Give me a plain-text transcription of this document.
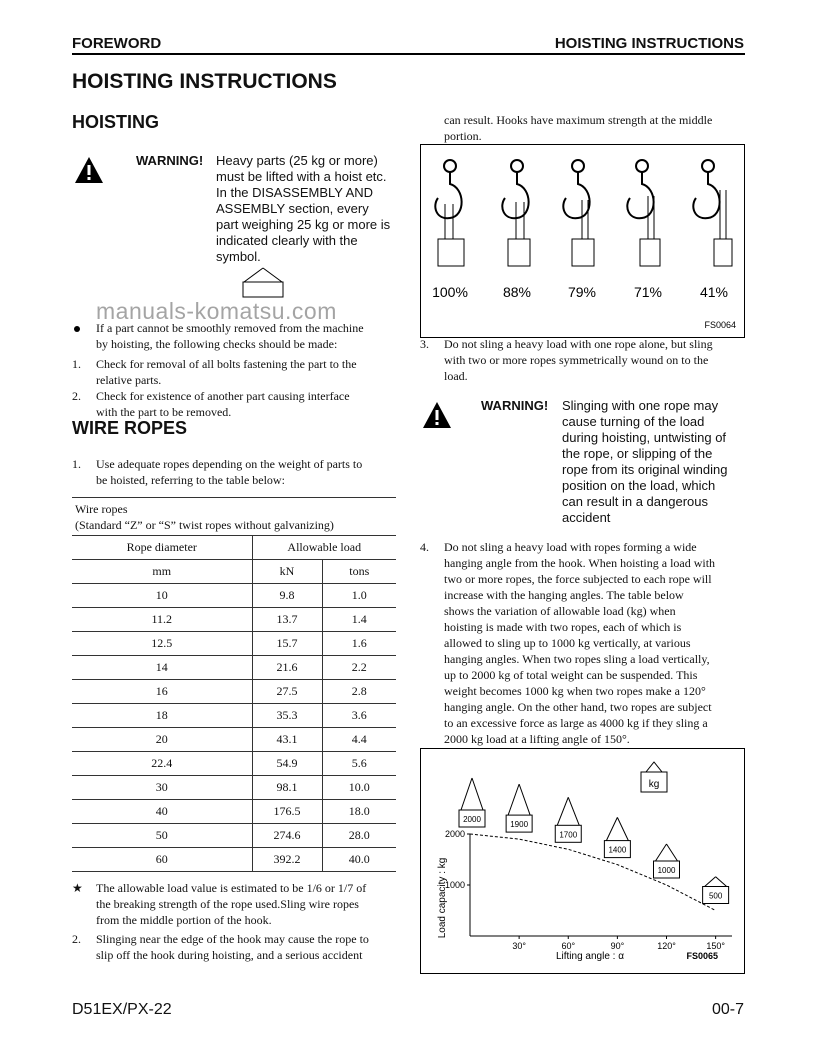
FOREWORD	HOISTING INSTRUCTIONS
HOISTING INSTRUCTIONS
HOISTING
WARNING! Heavy parts (25 kg or more)
must be lifted with a hoist etc.
In the DISASSEMBLY AND
ASSEMBLY section, every
part weighing 25 kg or more is
indicated clearly with the
symbol.
manuals-komatsu.com
If a part cannot be smoothly removed from the machine
by hoisting, the following checks should be made:
1. Check for removal of all bolts fastening the part to the
relative parts.
2. Check for existence of another part causing interface
with the part to be removed.
WIRE ROPES
1. Use adequate ropes depending on the weight of parts to
be hoisted, referring to the table below:
Wire ropes
(Standard “Z” or “S” twist ropes without galvanizing)
Rope diameter	Allowable load	
mm	kN	tons
10	9.8	1.0
11.2	13.7	1.4
12.5	15.7	1.6
14	21.6	2.2
16	27.5	2.8
18	35.3	3.6
20	43.1	4.4
22.4	54.9	5.6
30	98.1	10.0
40	176.5	18.0
50	274.6	28.0
60	392.2	40.0
★ The allowable load value is estimated to be 1/6 or 1/7 of
the breaking strength of the rope used.Sling wire ropes
from the middle portion of the hook.
2. Slinging near the edge of the hook may cause the rope to
slip off the hook during hoisting, and a serious accident
can result. Hooks have maximum strength at the middle
portion.
100%	88%	79%	71%	41%
FS0064
3. Do not sling a heavy load with one rope alone, but sling
with two or more ropes symmetrically wound on to the
load.
WARNING! Slinging with one rope may
cause turning of the load
during hoisting, untwisting of
the rope, or slipping of the
rope from its original winding
position on the load, which
can result in a dangerous
accident
4. Do not sling a heavy load with ropes forming a wide
hanging angle from the hook. When hoisting a load with
two or more ropes, the force subjected to each rope will
increase with the hanging angles. The table below
shows the variation of allowable load (kg) when
hoisting is made with two ropes, each of which is
allowed to sling up to 1000 kg vertically, at various
hanging angles. When two ropes sling a load vertically,
up to 2000 kg of total weight can be suspended. This
weight becomes 1000 kg when two ropes make a 120°
hanging angle. On the other hand, two ropes are subject
to an excessive force as large as 4000 kg if they sling a
2000 kg load at a lifting angle of 150°.
Load capacity : kg
Lifting angle : α	FS0065
kg
2000
1000
30°	60°	90°	120°	150°
2000
1900
1700
1400
1000
500
D51EX/PX-22	00-7
